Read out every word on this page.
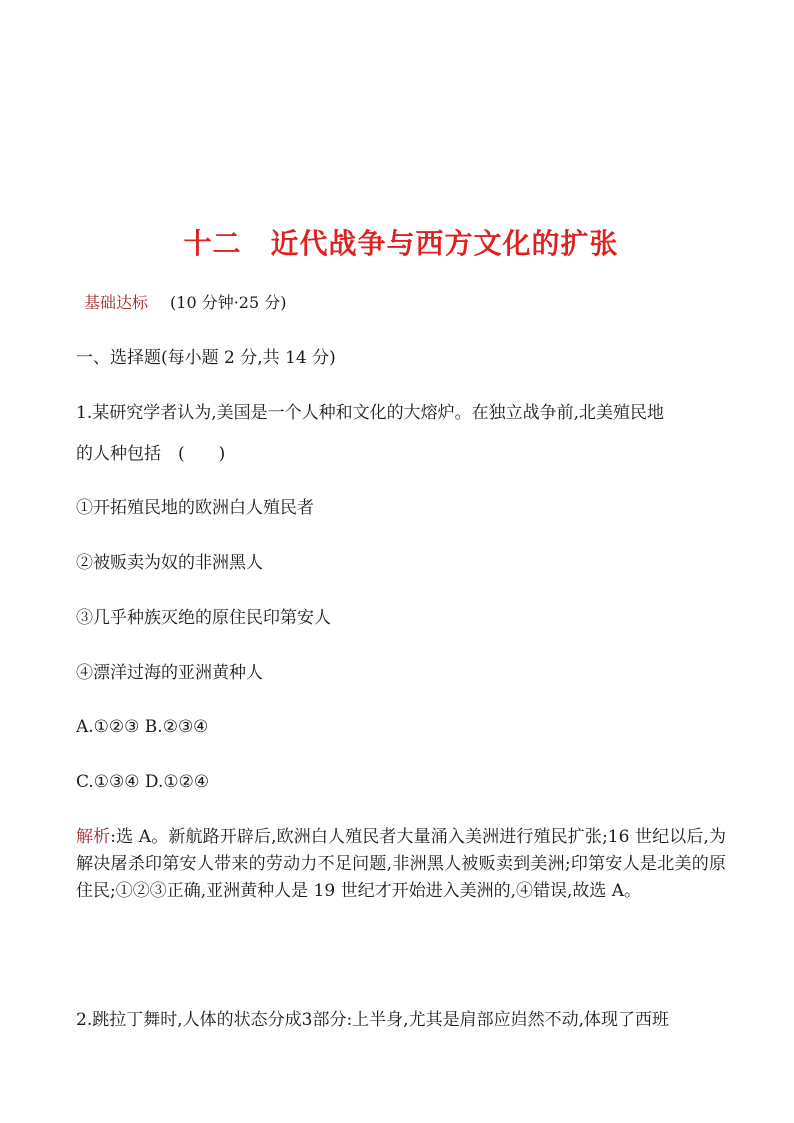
十二　近代战争与西方文化的扩张
基础达标 (10 分钟·25 分)
一、选择题(每小题 2 分,共 14 分)
1.某研究学者认为,美国是一个人种和文化的大熔炉。在独立战争前,北美殖民地
的人种包括　(　　)
①开拓殖民地的欧洲白人殖民者
②被贩卖为奴的非洲黑人
③几乎种族灭绝的原住民印第安人
④漂洋过海的亚洲黄种人
A.①②③ B.②③④
C.①③④ D.①②④
解析:选 A。新航路开辟后,欧洲白人殖民者大量涌入美洲进行殖民扩张;16 世纪以后,为解决屠杀印第安人带来的劳动力不足问题,非洲黑人被贩卖到美洲;印第安人是北美的原住民;①②③正确,亚洲黄种人是 19 世纪才开始进入美洲的,④错误,故选 A。
2.跳拉丁舞时,人体的状态分成3部分:上半身,尤其是肩部应岿然不动,体现了西班
